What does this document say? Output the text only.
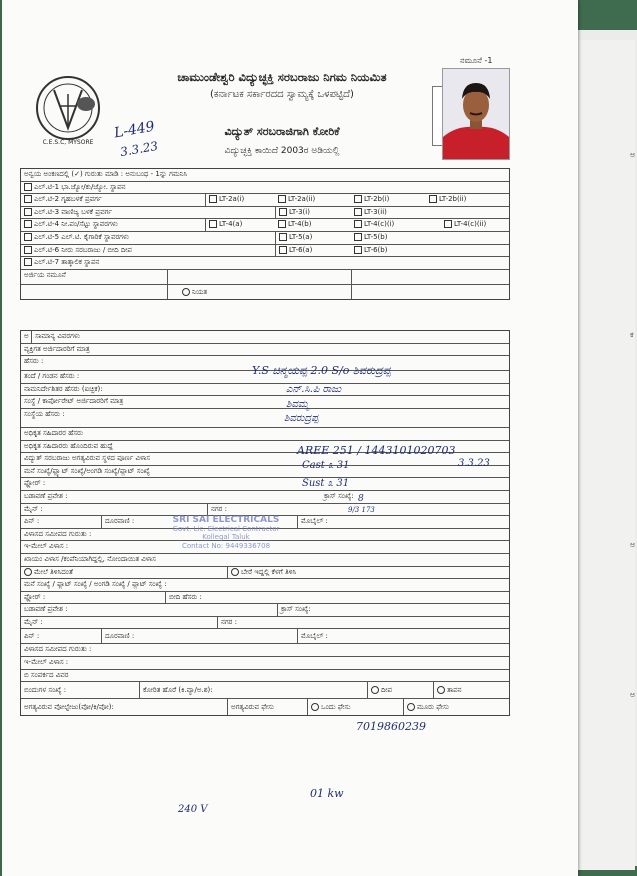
ನಮೂನೆ -1
C.E.S.C, MYSORE
ಚಾಮುಂಡೇಶ್ವರಿ ವಿದ್ಯುಚ್ಛಕ್ತಿ ಸರಬರಾಜು ನಿಗಮ ನಿಯಮಿತ
(ಕರ್ನಾಟಕ ಸರ್ಕಾರದದ ಸ್ವಾಮ್ಯಕ್ಕೆ ಒಳಪಟ್ಟಿದೆ)
ವಿದ್ಯುತ್ ಸರಬರಾಜಿಗಾಗಿ ಕೋರಿಕೆ
ವಿದ್ಯುಚ್ಛಕ್ತಿ ಕಾಯಿದೆ 2003ರ ಅಡಿಯಲ್ಲಿ
L-449
3.3.23
ಅನ್ವಯ ಅಂಕಣದಲ್ಲಿ (✓) ಗುರುತು ಮಾಡಿ : ಅನುಬಂಧ - 1ನ್ನು ಗಮನಿಸಿ
ಎಲ್.ಟಿ-1 ಭಾ.ಜ್ಯೋ/ಕು/ಜ್ಯೋ. ಸ್ಥಾಪನ
ಎಲ್.ಟಿ-2 ಗೃಹಬಳಕೆ ಪ್ರವರ್ಗ	LT-2a(i)	LT-2a(ii)	LT-2b(i)	LT-2b(ii)
ಎಲ್.ಟಿ-3 ವಾಣಿಜ್ಯ ಬಳಕೆ ಪ್ರವರ್ಗ	LT-3(i)	LT-3(ii)
ಎಲ್.ಟಿ-4 ನೀ.ಪಂ/ಸೆಟ್ಟು ಸ್ಥಾವರಗಳು	LT-4(a)	LT-4(b)	LT-4(c)(i)	LT-4(c)(ii)
ಎಲ್.ಟಿ-5 ಎಲ್.ಟಿ. ಕೈಗಾರಿಕೆ ಸ್ಥಾವರಗಳು	LT-5(a)	LT-5(b)
ಎಲ್.ಟಿ-6 ನೀರು ಸರಬರಾಜು / ಬೀದಿ ದೀಪ	LT-6(a)	LT-6(b)
ಎಲ್.ಟಿ-7 ತಾತ್ಕಾಲಿಕ ಸ್ಥಾಪನ
ಅರ್ಜಿಯ ನಮೂನೆ
ನಿಯತ
ಅ ಸಾಮಾನ್ಯ ವಿವರಗಳು
ವ್ಯಕ್ತಿಗತ ಅರ್ಜಿದಾರರಿಗೆ ಮಾತ್ರ
ಹೆಸರು :
ತಂದೆ / ಗಂಡನ ಹೆಸರು :
ನಾಮನಿರ್ದೇಶಿತರ ಹೆಸರು (ಐಚ್ಛಿಕ):
ಸಂಸ್ಥೆ / ಕಾರ್ಪೋರೇಟ್ ಅರ್ಜಿದಾರರಿಗೆ ಮಾತ್ರ
ಸಂಸ್ಥೆಯ ಹೆಸರು :
ಅಧಿಕೃತ ಸಹಿದಾರರ ಹೆಸರು
ಅಧಿಕೃತ ಸಹಿದಾರರು ಹೊಂದಿರುವ ಹುದ್ದೆ
ವಿದ್ಯುತ್ ಸರಬರಾಜು ಅಗತ್ಯವಿರುವ ಸ್ಥಳದ ಪೂರ್ಣ ವಿಳಾಸ
ಮನೆ ಸಂಖ್ಯೆ/ಫ್ಲ್ಯಾಟ್ ಸಂಖ್ಯೆ/ಅಂಗಡಿ ಸಂಖ್ಯೆ/ಪ್ಲಾಟ್ ಸಂಖ್ಯೆ
ಫ್ಲೋರ್ :
ಬಡಾವಣೆ ಪ್ರವೇಶ :	ಕ್ರಾಸ್ ಸಂಖ್ಯೆ:
ಮೈನ್ :	ನಗರ :
ಪಿನ್ :	ದೂರವಾಣಿ :	ಮೊಬೈಲ್ :
ವಿಳಾಸದ ಸಮೀಪದ ಗುರುತು :
ಇ-ಮೇಲ್ ವಿಳಾಸ :
ಖಾಯಂ ವಿಳಾಸ /ಕಂಪೆನಿಯಾಗಿದ್ದಲ್ಲಿ, ನೋಂದಾಯಿತ ವಿಳಾಸ
ಮೇಲೆ ತಿಳಿಸಿದಂತೆ	ಬೇರೆ ಇದ್ದಲ್ಲಿ ಕೆಳಗೆ ತಿಳಿಸಿ
ಮನೆ ಸಂಖ್ಯೆ / ಫ್ಲಾಟ್ ಸಂಖ್ಯೆ / ಅಂಗಡಿ ಸಂಖ್ಯೆ / ಪ್ಲಾಟ್ ಸಂಖ್ಯೆ :
ಫ್ಲೋರ್ :	ಬೀದಿ ಹೆಸರು :
ಬಡಾವಣೆ ಪ್ರವೇಶ :	ಕ್ರಾಸ್ ಸಂಖ್ಯೆ:
ಮೈನ್ :	ನಗರ :
ಪಿನ್ :	ದೂರವಾಣಿ :	ಮೊಬೈಲ್ :
ವಿಳಾಸದ ಸಮೀಪದ ಗುರುತು :
ಇ-ಮೇಲ್ ವಿಳಾಸ :
ಬಿ ಸಂಪರ್ಕದ ವಿವರ
ಬಿಂದುಗಳ ಸಂಖ್ಯೆ :	ಕೋರಿತ ಹೊರೆ (ಕಿ.ವ್ಯಾ/ಅ.ಶ):	ದೀಪ	ತಾಪನ
ಅಗತ್ಯವಿರುವ ವೋಲ್ಟೇಜು(ವೋ/ಕಿ/ವೋ):	ಅಗತ್ಯವಿರುವ ಫೇಸು	ಒಂದು ಫೇಸು	ಮೂರು ಫೇಸು
Y.S ಚಿನ್ಮಯಪ್ಪ 2.0 S/o ಶಿವರುದ್ರಪ್ಪ
ಎನ್.ಸಿ.ಪಿ ರಾಜು
ಶಿವಮ್ಮ
ಶಿವರುದ್ರಪ್ಪ
AREE 251 / 1443101020703
3.3.23
Cast ೩ 31
Sust ೩ 31
8
9/3 173
7019860239
01 kw
240 V
SRI SAI ELECTRICALS
Govt. Lic. Electrical Contractor
Kollegal Taluk
Contact No: 9449336708
ಅ
ಕ
ಅ
ಅ
